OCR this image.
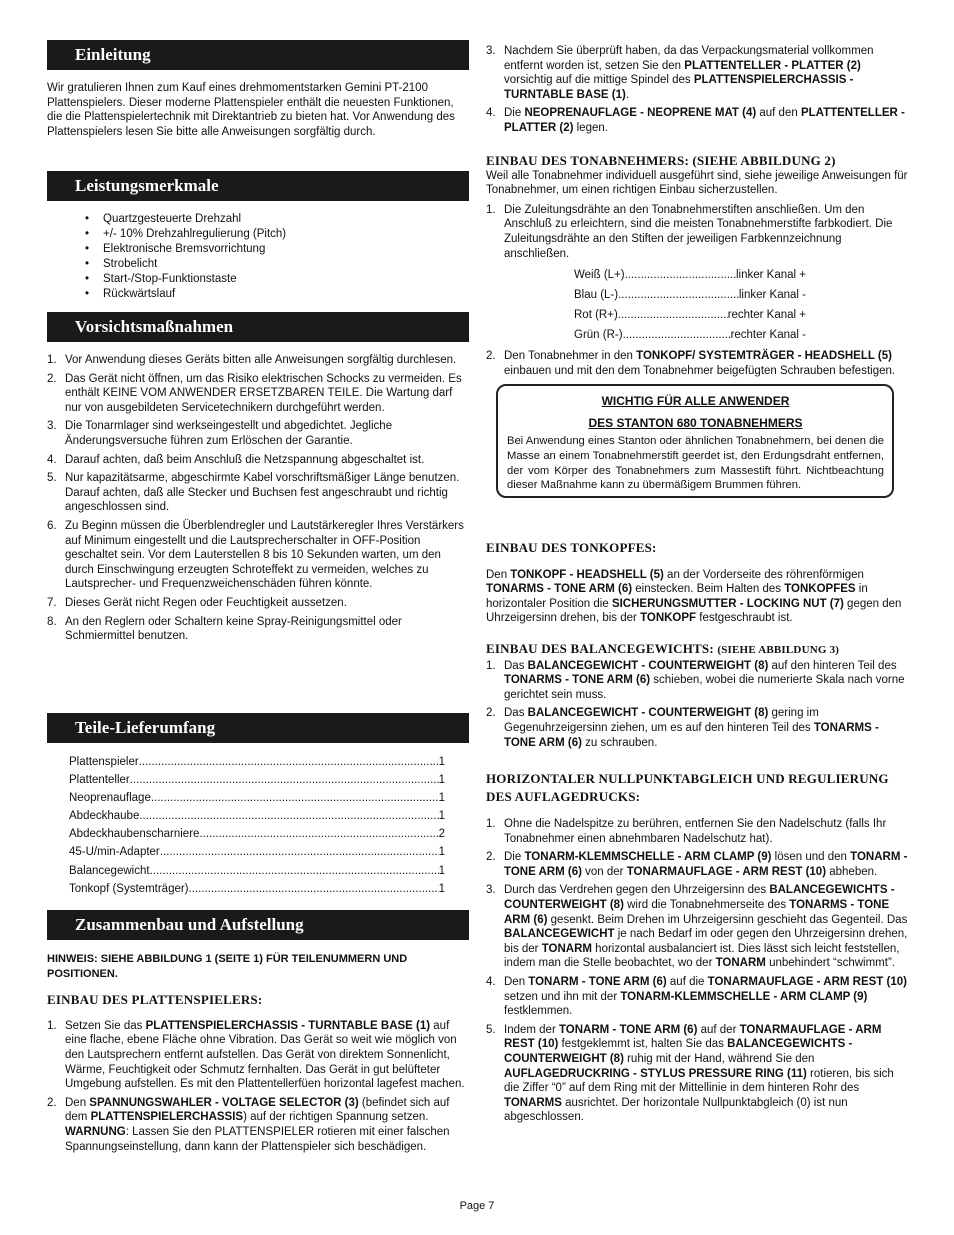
Einleitung

Wir gratulieren Ihnen zum Kauf eines drehmomentstarken Gemini PT-2100 Plattenspielers. Dieser moderne Plattenspieler enthält die neuesten Funktionen, die die Plattenspielertechnik mit Direktantrieb zu bieten hat. Vor Anwendung des Plattenspielers lesen Sie bitte alle Anweisungen sorgfältig durch.

Leistungsmerkmale
• Quartzgesteuerte Drehzahl
• +/- 10% Drehzahlregulierung (Pitch)
• Elektronische Bremsvorrichtung
• Strobelicht
• Start-/Stop-Funktionstaste
• Rückwärtslauf
Vorsichtsmaßnahmen
1. Vor Anwendung dieses Geräts bitten alle Anweisungen sorgfältig durchlesen.
2. Das Gerät nicht öffnen, um das Risiko elektrischen Schocks zu vermeiden. Es enthält KEINE VOM ANWENDER ERSETZBAREN TEILE. Die Wartung darf nur von ausgebildeten Servicetechnikern durchgeführt werden.
3. Die Tonarmlager sind werkseingestellt und abgedichtet. Jegliche Änderungsversuche führen zum Erlöschen der Garantie.
4. Darauf achten, daß beim Anschluß die Netzspannung abgeschaltet ist.
5. Nur kapazitätsarme, abgeschirmte Kabel vorschriftsmäßiger Länge benutzen. Darauf achten, daß alle Stecker und Buchsen fest angeschraubt und richtig angeschlossen sind.
6. Zu Beginn müssen die Überblendregler und Lautstärkeregler Ihres Verstärkers auf Minimum eingestellt und die Lautsprecherschalter in OFF-Position geschaltet sein. Vor dem Lauterstellen 8 bis 10 Sekunden warten, um den durch Einschwingung erzeugten Schroteffekt zu vermeiden, welches zu Lautsprecher- und Frequenzweichenschäden führen könnte.
7. Dieses Gerät nicht Regen oder Feuchtigkeit aussetzen.
8. An den Reglern oder Schaltern keine Spray-Reinigungsmittel oder Schmiermittel benutzen.
Teile-Lieferumfang
Plattenspieler .....	1
Plattenteller .....	1
Neoprenauflage .....	1
Abdeckhaube .....	1
Abdeckhaubenscharniere .....	2
45-U/min-Adapter .....	1
Balancegewicht .....	1
Tonkopf (Systemträger) .....	1
Zusammenbau und Aufstellung

HINWEIS: SIEHE ABBILDUNG 1 (SEITE 1) FÜR TEILENUMMERN UND POSITIONEN.

EINBAU DES PLATTENSPIELERS:
1. Setzen Sie das PLATTENSPIELERCHASSIS - TURNTABLE BASE (1) auf eine flache, ebene Fläche ohne Vibration. Das Gerät so weit wie möglich von den Lautsprechern entfernt aufstellen. Das Gerät von direktem Sonnenlicht, Wärme, Feuchtigkeit oder Schmutz fernhalten. Das Gerät in gut belüfteter Umgebung aufstellen. Es mit den Plattentellerfüen horizontal lagefest machen.
2. Den SPANNUNGSWAHLER - VOLTAGE SELECTOR (3) (befindet sich auf dem PLATTENSPIELERCHASSIS) auf der richtigen Spannung setzen. WARNUNG: Lassen Sie den PLATTENSPIELER rotieren mit einer falschen Spannungseinstellung, dann kann der Plattenspieler sich beschädigen.
3. Nachdem Sie überprüft haben, da das Verpackungsmaterial vollkommen entfernt worden ist, setzen Sie den PLATTENTELLER - PLATTER (2) vorsichtig auf die mittige Spindel des PLATTENSPIELERCHASSIS - TURNTABLE BASE (1).
4. Die NEOPRENAUFLAGE - NEOPRENE MAT (4) auf den PLATTENTELLER - PLATTER (2) legen.
EINBAU DES TONABNEHMERS: (SIEHE ABBILDUNG 2)

Weil alle Tonabnehmer individuell ausgeführt sind, siehe jeweilige Anweisungen für Tonabnehmer, um einen richtigen Einbau sicherzustellen.

1. Die Zuleitungsdrähte an den Tonabnehmerstiften anschließen. Um den Anschluß zu erleichtern, sind die meisten Tonabnehmerstifte farbkodiert. Die Zuleitungsdrähte an den Stiften der jeweiligen Farbkennzeichnung anschließen.
Weiß (L+) .....	linker Kanal +
Blau (L-) .....	linker Kanal -
Rot (R+) .....	rechter Kanal +
Grün (R-) .....	rechter Kanal -
2. Den Tonabnehmer in den TONKOPF/ SYSTEMTRÄGER - HEADSHELL (5) einbauen und mit den dem Tonabnehmer beigefügten Schrauben befestigen.
WICHTIG FÜR ALLE ANWENDER
DES STANTON 680 TONABNEHMERS

Bei Anwendung eines Stanton oder ähnlichen Tonabnehmern, bei denen die Masse an einem Tonabnehmerstift geerdet ist, den Erdungsdraht entfernen, der vom Körper des Tonabnehmers zum Massestift führt. Nichtbeachtung dieser Maßnahme kann zu übermäßigem Brummen führen.

EINBAU DES TONKOPFES:

Den TONKOPF - HEADSHELL (5) an der Vorderseite des röhrenförmigen TONARMS - TONE ARM (6) einstecken. Beim Halten des TONKOPFES in horizontaler Position die SICHERUNGSMUTTER - LOCKING NUT (7) gegen den Uhrzeigersinn drehen, bis der TONKOPF festgeschraubt ist.

EINBAU DES BALANCEGEWICHTS: (SIEHE ABBILDUNG 3)
1. Das BALANCEGEWICHT - COUNTERWEIGHT (8) auf den hinteren Teil des TONARMS - TONE ARM (6) schieben, wobei die numerierte Skala nach vorne gerichtet sein muss.
2. Das BALANCEGEWICHT - COUNTERWEIGHT (8) gering im Gegenuhrzeigersinn ziehen, um es auf den hinteren Teil des TONARMS - TONE ARM (6) zu schrauben.
HORIZONTALER NULLPUNKTABGLEICH UND REGULIERUNG DES AUFLAGEDRUCKS:
1. Ohne die Nadelspitze zu berühren, entfernen Sie den Nadelschutz (falls Ihr Tonabnehmer einen abnehmbaren Nadelschutz hat).
2. Die TONARM-KLEMMSCHELLE - ARM CLAMP (9) lösen und den TONARM - TONE ARM (6) von der TONARMAUFLAGE - ARM REST (10) abheben.
3. Durch das Verdrehen gegen den Uhrzeigersinn des BALANCEGEWICHTS - COUNTERWEIGHT (8) wird die Tonabnehmerseite des TONARMS - TONE ARM (6) gesenkt. Beim Drehen im Uhrzeigersinn geschieht das Gegenteil. Das BALANCEGEWICHT je nach Bedarf im oder gegen den Uhrzeigersinn drehen, bis der TONARM horizontal ausbalanciert ist. Dies lässt sich leicht feststellen, indem man die Stelle beobachtet, wo der TONARM unbehindert “schwimmt”.
4. Den TONARM - TONE ARM (6) auf die TONARMAUFLAGE - ARM REST (10) setzen und ihn mit der TONARM-KLEMMSCHELLE - ARM CLAMP (9) festklemmen.
5. Indem der TONARM - TONE ARM (6) auf der TONARMAUFLAGE - ARM REST (10) festgeklemmt ist, halten Sie das BALANCEGEWICHTS - COUNTERWEIGHT (8) ruhig mit der Hand, während Sie den AUFLAGEDRUCKRING - STYLUS PRESSURE RING (11) rotieren, bis sich die Ziffer “0” auf dem Ring mit der Mittellinie in dem hinteren Rohr des TONARMS ausrichtet. Der horizontale Nullpunktabgleich (0) ist nun abgeschlossen.
Page 7
